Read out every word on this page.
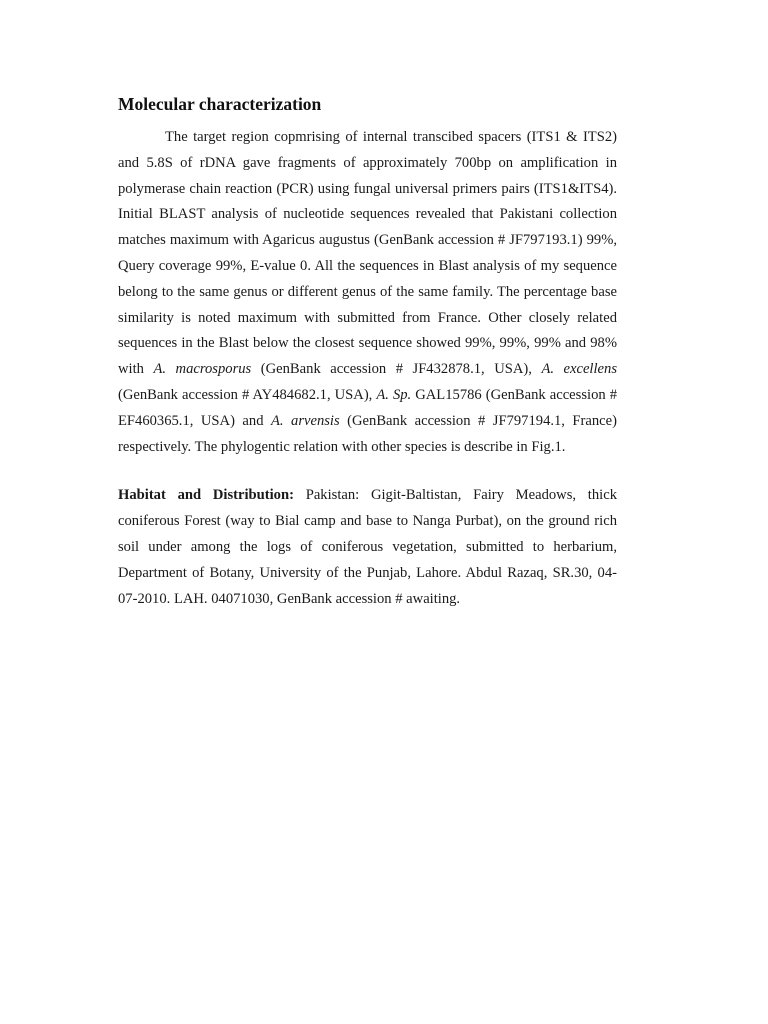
Molecular characterization

The target region copmrising of internal transcibed spacers (ITS1 & ITS2) and 5.8S of rDNA gave fragments of approximately 700bp on amplification in polymerase chain reaction (PCR) using fungal universal primers pairs (ITS1&ITS4). Initial BLAST analysis of nucleotide sequences revealed that Pakistani collection matches maximum with Agaricus augustus (GenBank accession # JF797193.1) 99%, Query coverage 99%, E-value 0. All the sequences in Blast analysis of my sequence belong to the same genus or different genus of the same family. The percentage base similarity is noted maximum with submitted from France. Other closely related sequences in the Blast below the closest sequence showed 99%, 99%, 99% and 98% with A. macrosporus (GenBank accession # JF432878.1, USA), A. excellens (GenBank accession # AY484682.1, USA), A. Sp. GAL15786 (GenBank accession # EF460365.1, USA) and A. arvensis (GenBank accession # JF797194.1, France) respectively. The phylogentic relation with other species is describe in Fig.1.

Habitat and Distribution: Pakistan: Gigit-Baltistan, Fairy Meadows, thick coniferous Forest (way to Bial camp and base to Nanga Purbat), on the ground rich soil under among the logs of coniferous vegetation, submitted to herbarium, Department of Botany, University of the Punjab, Lahore. Abdul Razaq, SR.30, 04-07-2010. LAH. 04071030, GenBank accession # awaiting.
